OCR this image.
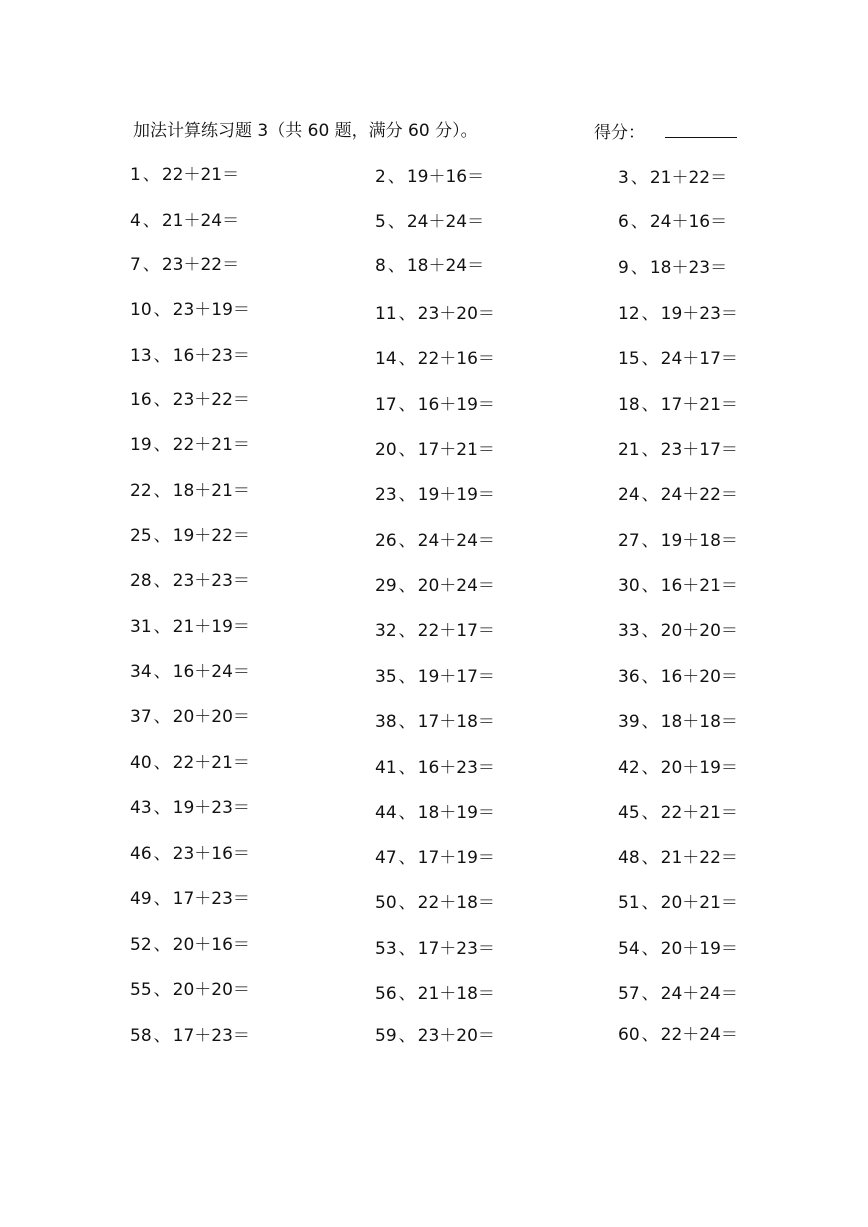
加法计算练习题 3（共 60 题，满分 60 分）。	得分：
1 、 22＋21＝	2 、 19＋16＝	3 、 21＋22＝
4 、 21＋24＝	5 、 24＋24＝	6 、 24＋16＝
7 、 23＋22＝	8 、 18＋24＝	9 、 18＋23＝
10 、 23＋19＝	11 、 23＋20＝	12 、 19＋23＝
13 、 16＋23＝	14 、 22＋16＝	15 、 24＋17＝
16 、 23＋22＝	17 、 16＋19＝	18 、 17＋21＝
19 、 22＋21＝	20 、 17＋21＝	21 、 23＋17＝
22 、 18＋21＝	23 、 19＋19＝	24 、 24＋22＝
25 、 19＋22＝	26 、 24＋24＝	27 、 19＋18＝
28 、 23＋23＝	29 、 20＋24＝	30 、 16＋21＝
31 、 21＋19＝	32 、 22＋17＝	33 、 20＋20＝
34 、 16＋24＝	35 、 19＋17＝	36 、 16＋20＝
37 、 20＋20＝	38 、 17＋18＝	39 、 18＋18＝
40 、 22＋21＝	41 、 16＋23＝	42 、 20＋19＝
43 、 19＋23＝	44 、 18＋19＝	45 、 22＋21＝
46 、 23＋16＝	47 、 17＋19＝	48 、 21＋22＝
49 、 17＋23＝	50 、 22＋18＝	51 、 20＋21＝
52 、 20＋16＝	53 、 17＋23＝	54 、 20＋19＝
55 、 20＋20＝	56 、 21＋18＝	57 、 24＋24＝
58 、 17＋23＝	59 、 23＋20＝	60 、 22＋24＝
